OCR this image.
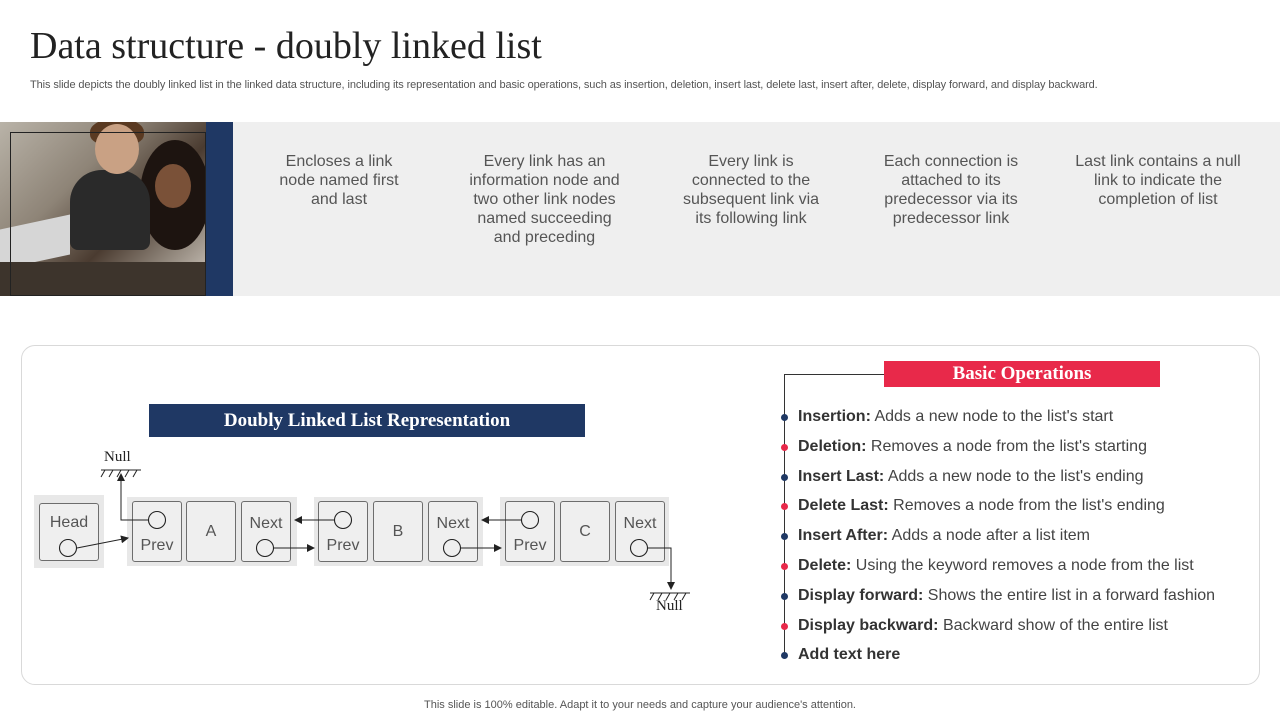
Data structure - doubly linked list
This slide depicts the doubly linked list in the linked data structure, including its representation and basic operations, such as insertion, deletion, insert last, delete last, insert after, delete, display forward, and display backward.
Encloses a link node named first and last
Every link has an information node and two other link nodes named succeeding and preceding
Every link is connected to the subsequent link via its following link
Each connection is attached to its predecessor via its predecessor link
Last link contains a null link to indicate the completion of list
Doubly Linked List Representation
Head
Prev
A	Next
Prev
B	Next
Prev
C	Next
Null
Null
Basic Operations
Insertion: Adds a new node to the list's start
Deletion: Removes a node from the list's starting
Insert Last: Adds a new node to the list's ending
Delete Last: Removes a node from the list's ending
Insert After: Adds a node after a list item
Delete: Using the keyword removes a node from the list
Display forward: Shows the entire list in a forward fashion
Display backward: Backward show of the entire list
Add text here
This slide is 100% editable. Adapt it to your needs and capture your audience's attention.
